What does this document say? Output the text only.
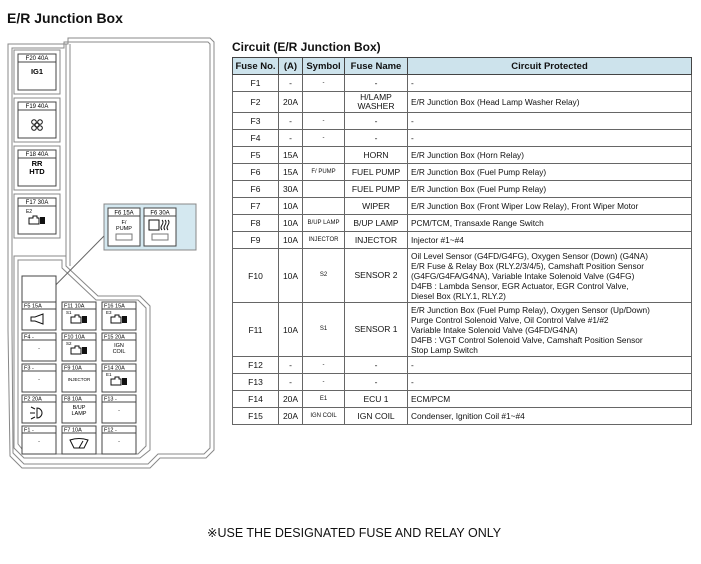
E/R Junction Box
F20 40A
IG1
F19 40A
F18 40A
RR
HTD
F17 30A
E2	F6 15A
F/
PUMP
F6 30A
F5 15A	F11 10A
S1
F16 15A
E3
F4 -
-
F10 10A
S2
F15 20A
IGN
COIL
F3 -
-
F9 10A
INJECTOR
F14 20A
E1
F2 20A	F8 10A
B/UP
LAMP
F13 -
-
F1 -
-
F7 10A	F12 -
-
Circuit (E/R Junction Box)
Fuse No.	(A)	Symbol	Fuse Name	Circuit Protected
F1	-	-	-	-
F2	20A		H/LAMP WASHER	E/R Junction Box (Head Lamp Washer Relay)
F3	-	-	-	-
F4	-	-	-	-
F5	15A		HORN	E/R Junction Box (Horn Relay)
F6	15A	F/ PUMP	FUEL PUMP	E/R Junction Box (Fuel Pump Relay)
F6	30A		FUEL PUMP	E/R Junction Box (Fuel Pump Relay)
F7	10A		WIPER	E/R Junction Box (Front Wiper Low Relay), Front Wiper Motor
F8	10A	B/UP LAMP	B/UP LAMP	PCM/TCM, Transaxle Range Switch
F9	10A	INJECTOR	INJECTOR	Injector #1~#4
F10	10A	S2	SENSOR 2	Oil Level Sensor (G4FD/G4FG), Oxygen Sensor (Down) (G4NA)
E/R Fuse & Relay Box (RLY.2/3/4/5), Camshaft Position Sensor
(G4FG/G4FA/G4NA), Variable Intake Solenoid Valve (G4FG)
D4FB : Lambda Sensor, EGR Actuator, EGR Control Valve,
Diesel Box (RLY.1, RLY.2)
F11	10A	S1	SENSOR 1	E/R Junction Box (Fuel Pump Relay), Oxygen Sensor (Up/Down)
Purge Control Solenoid Valve, Oil Control Valve #1/#2
Variable Intake Solenoid Valve (G4FD/G4NA)
D4FB : VGT Control Solenoid Valve, Camshaft Position Sensor
Stop Lamp Switch
F12	-	-	-	-
F13	-	-	-	-
F14	20A	E1	ECU 1	ECM/PCM
F15	20A	IGN COIL	IGN COIL	Condenser, Ignition Coil #1~#4
※USE THE DESIGNATED FUSE AND RELAY ONLY
